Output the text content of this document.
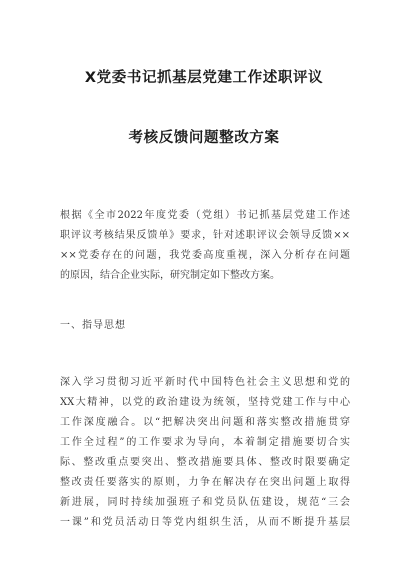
X党委书记抓基层党建工作述职评议
考核反馈问题整改方案
根据《全市2022年度党委（党组）书记抓基层党建工作述
职评议考核结果反馈单》要求，针对述职评议会领导反馈××
××党委存在的问题，我党委高度重视，深入分析存在问题
的原因，结合企业实际，研究制定如下整改方案。
一、指导思想
深入学习贯彻习近平新时代中国特色社会主义思想和党的
XX大精神，以党的政治建设为统领，坚持党建工作与中心
工作深度融合。以“把解决突出问题和落实整改措施贯穿
工作全过程”的工作要求为导向，本着制定措施要切合实
际、整改重点要突出、整改措施要具体、整改时限要确定
整改责任要落实的原则，力争在解决存在突出问题上取得
新进展，同时持续加强班子和党员队伍建设，规范“三会
一课”和党员活动日等党内组织生活，从而不断提升基层
